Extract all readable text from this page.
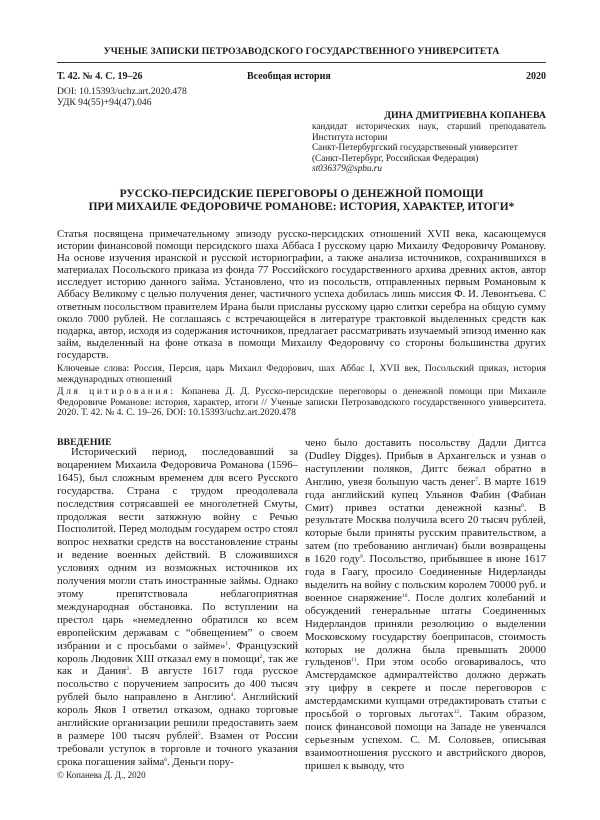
УЧЕНЫЕ ЗАПИСКИ ПЕТРОЗАВОДСКОГО ГОСУДАРСТВЕННОГО УНИВЕРСИТЕТА
Т. 42. № 4. С. 19–26	Всеобщая история	2020
DOI: 10.15393/uchz.art.2020.478
УДК 94(55)+94(47).046
ДИНА ДМИТРИЕВНА КОПАНЕВА
кандидат исторических наук, старший преподаватель Института истории
Санкт-Петербургский государственный университет
(Санкт-Петербург, Российская Федерация)
st036379@spbu.ru
РУССКО-ПЕРСИДСКИЕ ПЕРЕГОВОРЫ О ДЕНЕЖНОЙ ПОМОЩИ
ПРИ МИХАИЛЕ ФЕДОРОВИЧЕ РОМАНОВЕ: ИСТОРИЯ, ХАРАКТЕР, ИТОГИ*
Статья посвящена примечательному эпизоду русско-персидских отношений XVII века, касающемуся истории финансовой помощи персидского шаха Аббаса I русскому царю Михаилу Федоровичу Романову. На основе изучения иранской и русской историографии, а также анализа источников, сохранившихся в материалах Посольского приказа из фонда 77 Российского государственного архива древних актов, автор исследует историю данного займа. Установлено, что из посольств, отправленных первым Романовым к Аббасу Великому с целью получения денег, частичного успеха добилась лишь миссия Ф. И. Левонтьева. С ответным посольством правителем Ирана были присланы русскому царю слитки серебра на общую сумму около 7000 рублей. Не соглашаясь с встречающейся в литературе трактовкой выделенных средств как подарка, автор, исходя из содержания источников, предлагает рассматривать изучаемый эпизод именно как займ, выделенный на фоне отказа в помощи Михаилу Федоровичу со стороны большинства других государств.
Ключевые слова: Россия, Персия, царь Михаил Федорович, шах Аббас I, XVII век, Посольский приказ, история международных отношений
Для цитирования: Копанева Д. Д. Русско-персидские переговоры о денежной помощи при Михаиле Федоровиче Романове: история, характер, итоги // Ученые записки Петрозаводского государственного университета. 2020. Т. 42. № 4. С. 19–26. DOI: 10.15393/uchz.art.2020.478
ВВЕДЕНИЕ
Исторический период, последовавший за воцарением Михаила Федоровича Романова (1596–1645), был сложным временем для всего Русского государства. Страна с трудом преодолевала последствия сотрясавшей ее многолетней Смуты, продолжая вести затяжную войну с Речью Посполитой. Перед молодым государем остро стоял вопрос нехватки средств на восстановление страны и ведение военных действий. В сложившихся условиях одним из возможных источников их получения могли стать иностранные займы. Однако этому препятствовала неблагоприятная международная обстановка. По вступлении на престол царь «немедленно обратился ко всем европейским державам с “обвещением” о своем избрании и с просьбами о займе»$^1$. Французский король Людовик XIII отказал ему в помощи$^2$, так же как и Дания$^3$. В августе 1617 года русское посольство с поручением запросить до 400 тысяч рублей было направлено в Англию$^4$. Английский король Яков I ответил отказом, однако торговые английские организации решили предоставить заем в размере 100 тысяч рублей$^5$. Взамен от России требовали уступок в торговле и точного указания срока погашения займа$^6$. Деньги пору-
чено было доставить посольству Дадли Диггса (Dudley Digges). Прибыв в Архангельск и узнав о наступлении поляков, Диггс бежал обратно в Англию, увезя большую часть денег$^7$. В марте 1619 года английский купец Ульянов Фабин (Фабиан Смит) привез остатки денежной казны$^8$. В результате Москва получила всего 20 тысяч рублей, которые были приняты русским правительством, а затем (по требованию англичан) были возвращены в 1620 году$^9$. Посольство, прибывшее в июне 1617 года в Гаагу, просило Соединенные Нидерланды выделить на войну с польским королем 70000 руб. и военное снаряжение$^{10}$. После долгих колебаний и обсуждений генеральные штаты Соединенных Нидерландов приняли резолюцию о выделении Московскому государству боеприпасов, стоимость которых не должна была превышать 20000 гульденов$^{11}$. При этом особо оговаривалось, что Амстердамское адмиралтейство должно держать эту цифру в секрете и после переговоров с амстердамскими купцами отредактировать статьи с просьбой о торговых льготах$^{12}$. Таким образом, поиск финансовой помощи на Западе не увенчался серьезным успехом. С. М. Соловьев, описывая взаимоотношения русского и австрийского дворов, пришел к выводу, что
© Копанева Д. Д., 2020
